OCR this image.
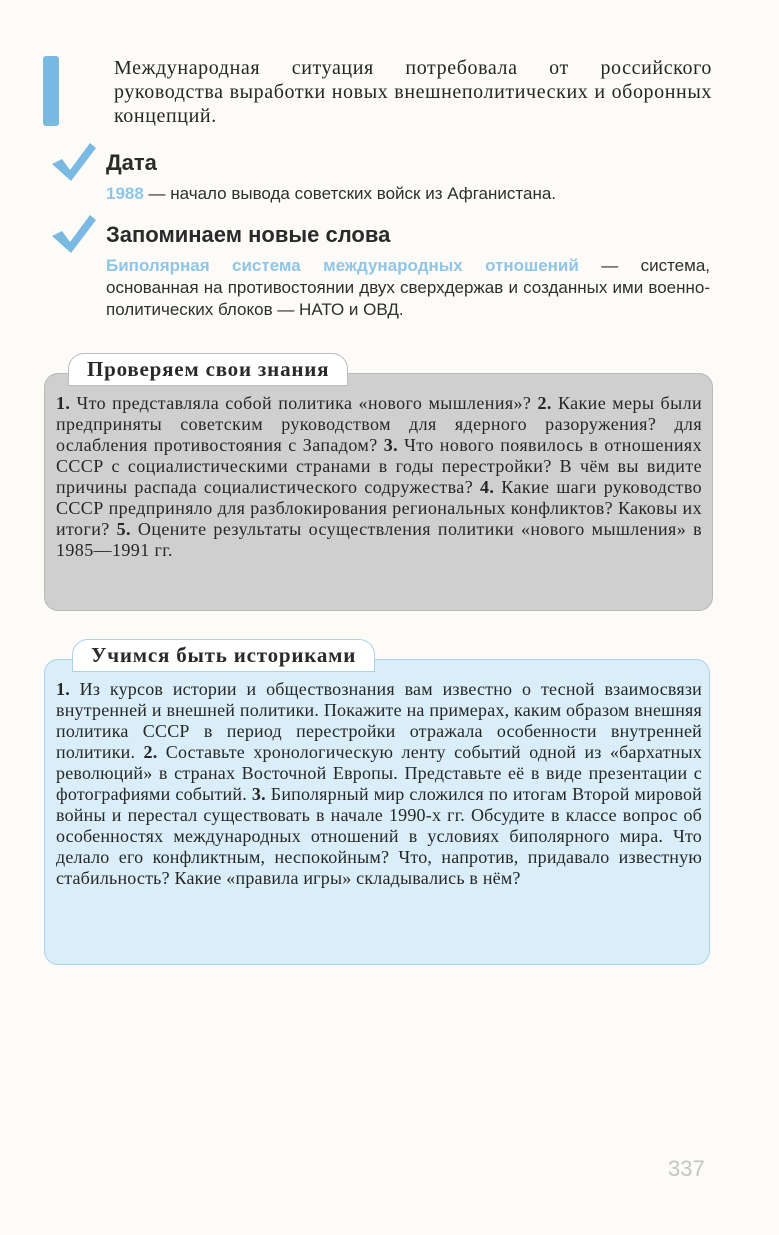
Международная ситуация потребовала от российского руководства выработки новых внешнеполитических и оборонных концепций.

Дата

1988 — начало вывода советских войск из Афганистана.

Запоминаем новые слова

Биполярная система международных отношений — система, основанная на противостоянии двух сверхдержав и созданных ими военно-политических блоков — НАТО и ОВД.

Проверяем свои знания

1. Что представляла собой политика «нового мышления»? 2. Какие меры были предприняты советским руководством для ядерного разоружения? для ослабления противостояния с Западом? 3. Что нового появилось в отношениях СССР с социалистическими странами в годы перестройки? В чём вы видите причины распада социалистического содружества? 4. Какие шаги руководство СССР предприняло для разблокирования региональных конфликтов? Каковы их итоги? 5. Оцените результаты осуществления политики «нового мышления» в 1985—1991 гг.

Учимся быть историками

1. Из курсов истории и обществознания вам известно о тесной взаимосвязи внутренней и внешней политики. Покажите на примерах, каким образом внешняя политика СССР в период перестройки отражала особенности внутренней политики. 2. Составьте хронологическую ленту событий одной из «бархатных революций» в странах Восточной Европы. Представьте её в виде презентации с фотографиями событий. 3. Биполярный мир сложился по итогам Второй мировой войны и перестал существовать в начале 1990-х гг. Обсудите в классе вопрос об особенностях международных отношений в условиях биполярного мира. Что делало его конфликтным, неспокойным? Что, напротив, придавало известную стабильность? Какие «правила игры» складывались в нём?

337
